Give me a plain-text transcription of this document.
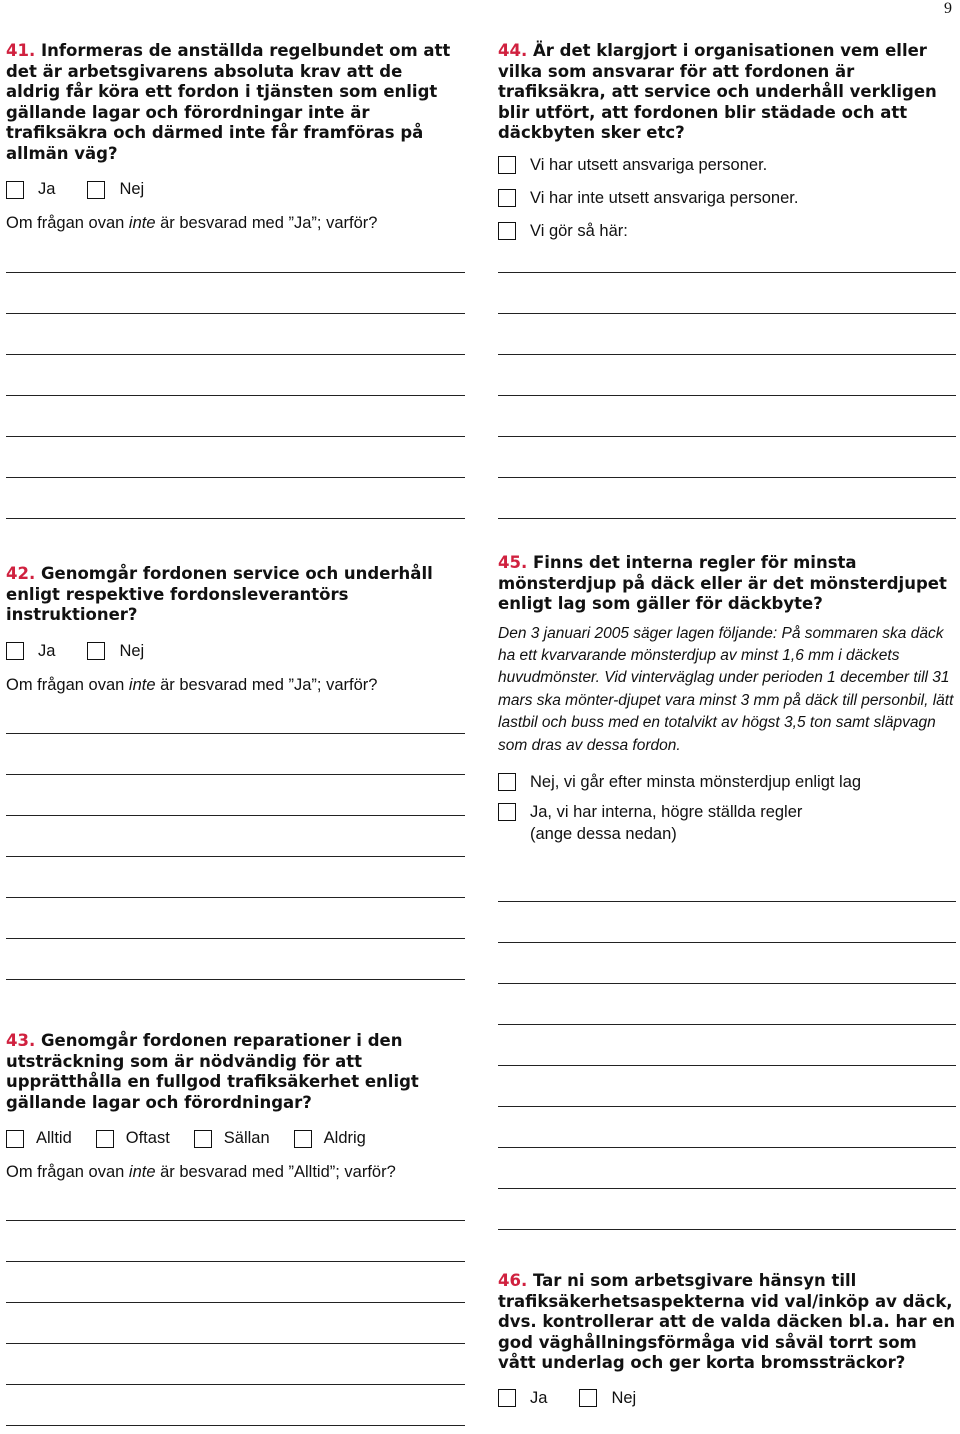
9

41. Informeras de anställda regelbundet om att det är arbetsgivarens absoluta krav att de aldrig får köra ett fordon i tjänsten som enligt gällande lagar och förordningar inte är trafiksäkra och därmed inte får framföras på allmän väg?

Ja	Nej

Om frågan ovan inte är besvarad med ”Ja”; varför?

44. Är det klargjort i organisationen vem eller vilka som ansvarar för att fordonen är trafiksäkra, att service och underhåll verkligen blir utfört, att fordonen blir städade och att däckbyten sker etc?

Vi har utsett ansvariga personer.
Vi har inte utsett ansvariga personer.
Vi gör så här:

42. Genomgår fordonen service och underhåll enligt respektive fordonsleverantörs instruktioner?

Ja	Nej

Om frågan ovan inte är besvarad med ”Ja”; varför?

45. Finns det interna regler för minsta mönsterdjup på däck eller är det mönsterdjupet enligt lag som gäller för däckbyte?

Den 3 januari 2005 säger lagen följande: På sommaren ska däck ha ett kvarvarande mönsterdjup av minst 1,6 mm i däckets huvudmönster. Vid vinterväglag under perioden 1 december till 31 mars ska mönter-djupet vara minst 3 mm på däck till personbil, lätt lastbil och buss med en totalvikt av högst 3,5 ton samt släpvagn som dras av dessa fordon.

Nej, vi går efter minsta mönsterdjup enligt lag
Ja, vi har interna, högre ställda regler
(ange dessa nedan)

43. Genomgår fordonen reparationer i den utsträckning som är nödvändig för att upprätthålla en fullgod trafiksäkerhet enligt gällande lagar och förordningar?

Alltid	Oftast	Sällan	Aldrig

Om frågan ovan inte är besvarad med ”Alltid”; varför?

46. Tar ni som arbetsgivare hänsyn till trafiksäkerhetsaspekterna vid val/inköp av däck, dvs. kontrollerar att de valda däcken bl.a. har en god väghållningsförmåga vid såväl torrt som vått underlag och ger korta bromssträckor?

Ja	Nej
